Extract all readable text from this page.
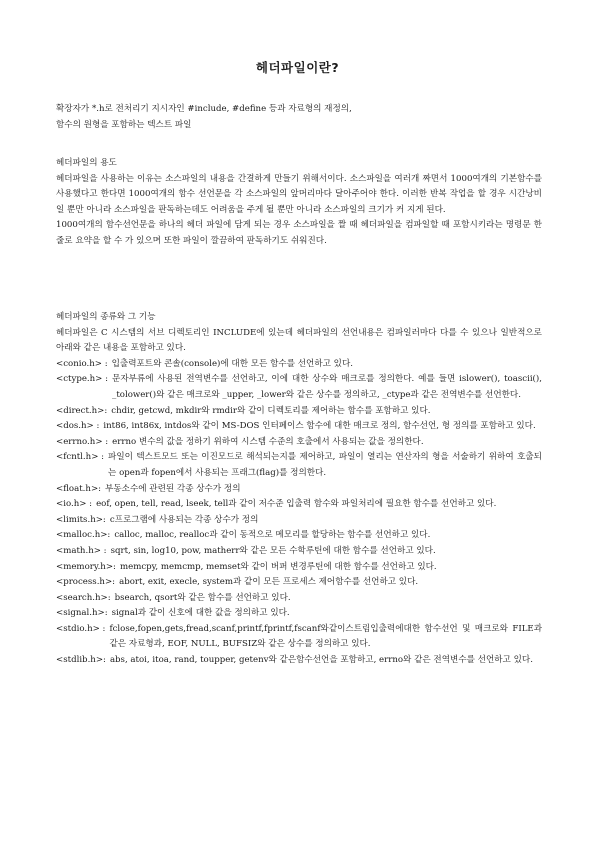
헤더파일이란?
확장자가 *.h로 전처리기 지시자인 #include, #define 등과 자료형의 재정의,
함수의 원형을 포함하는 텍스트 파일
헤더파일의 용도
헤더파일을 사용하는 이유는 소스파일의 내용을 간결하게 만들기 위해서이다. 소스파일을 여러개 짜면서 1000여개의 기본함수를 사용했다고 한다면 1000여개의 함수 선언문을 각 소스파일의 앞머리마다 달아주어야 한다. 이러한 반복 작업을 할 경우 시간낭비일 뿐만 아니라 소스파일을 판독하는데도 어려움을 주게 될 뿐만 아니라 소스파일의 크기가 커 지게 된다.
1000여개의 함수선언문을 하나의 헤더 파일에 담게 되는 경우 소스파일을 짤 때 헤더파일을 컴파일할 때 포함시키라는 명령문 한 줄로 요약을 할 수 가 있으며 또한 파일이 깔끔하여 판독하기도 쉬워진다.
헤더파일의 종류와 그 기능
헤더파일은 C 시스템의 서브 디렉토리인 INCLUDE에 있는데 헤더파일의 선언내용은 컴파일러마다 다를 수 있으나 일반적으로 아래와 같은 내용을 포함하고 있다.
<conio.h> : 입출력포트와 콘솔(console)에 대한 모든 함수를 선언하고 있다.
<ctype.h> : 문자부류에 사용된 전역변수를 선언하고, 이에 대한 상수와 매크로를 정의한다. 예를 들면 islower(), toascii(), _tolower()와 같은 매크로와 _upper, _lower와 같은 상수를 정의하고, _ctype과 같은 전역변수를 선언한다.
<direct.h>: chdir, getcwd, mkdir와 rmdir와 같이 디렉토리를 제어하는 함수를 포함하고 있다.
<dos.h> : int86, int86x, intdos와 같이 MS-DOS 인터페이스 함수에 대한 매크로 정의, 함수선언, 형 정의를 포함하고 있다.
<errno.h> : errno 변수의 값을 정하기 위하여 시스템 수준의 호출에서 사용되는 값을 정의한다.
<fcntl.h> : 파일이 텍스트모드 또는 이진모드로 해석되는지를 제어하고, 파일이 열리는 연산자의 형을 서술하기 위하여 호출되는 open과 fopen에서 사용되는 프래그(flag)를 정의한다.
<float.h>: 부동소수에 관련된 각종 상수가 정의
<io.h> : eof, open, tell, read, lseek, tell과 같이 저수준 입출력 함수와 파일처리에 필요한 함수를 선언하고 있다.
<limits.h>: c프로그램에 사용되는 각종 상수가 정의
<malloc.h>: calloc, malloc, realloc과 같이 동적으로 메모리를 할당하는 함수를 선언하고 있다.
<math.h> : sqrt, sin, log10, pow, matherr와 같은 모든 수학루틴에 대한 함수를 선언하고 있다.
<memory.h>: memcpy, memcmp, memset와 같이 버퍼 변경루틴에 대한 함수를 선언하고 있다.
<process.h>: abort, exit, execle, system과 같이 모든 프로세스 제어함수를 선언하고 있다.
<search.h>: bsearch, qsort와 같은 함수를 선언하고 있다.
<signal.h>: signal과 같이 신호에 대한 값을 정의하고 있다.
<stdio.h> : fclose,fopen,gets,fread,scanf,printf,fprintf,fscanf와같이스트림입출력에대한 함수선언 및 매크로와 FILE과 같은 자료형과, EOF, NULL, BUFSIZ와 같은 상수를 정의하고 있다.
<stdlib.h>: abs, atoi, itoa, rand, toupper, getenv와 같은함수선언을 포함하고, errno와 같은 전역변수를 선언하고 있다.
